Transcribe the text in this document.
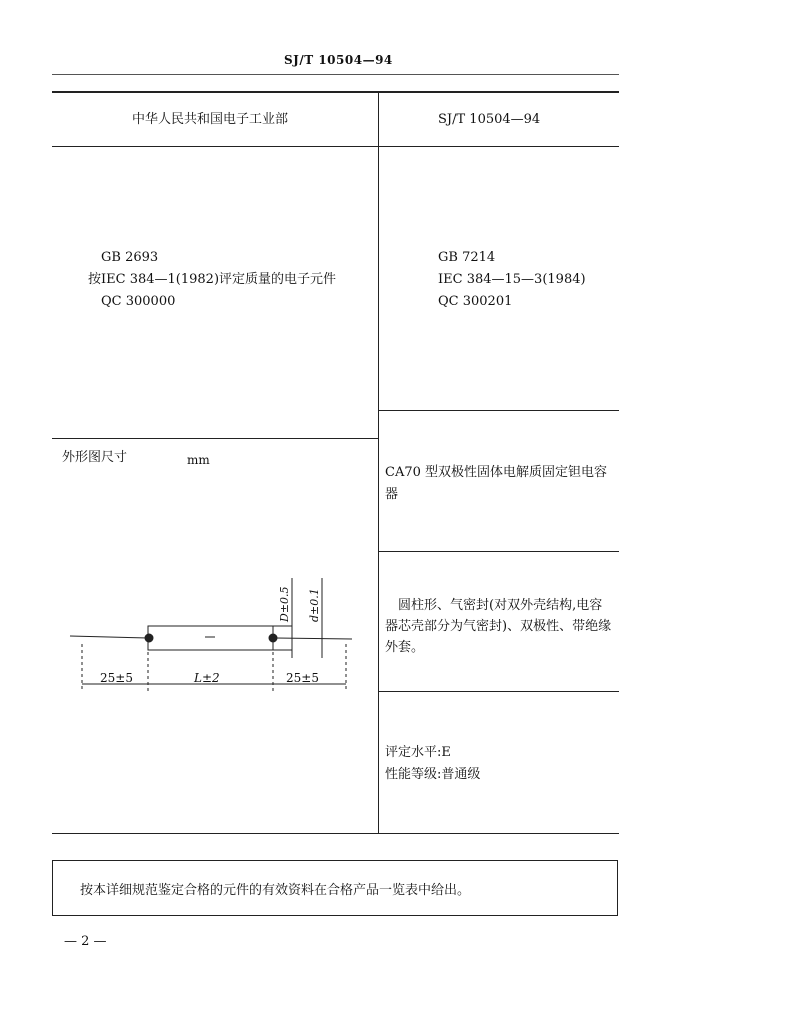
SJ/T 10504—94
中华人民共和国电子工业部	SJ/T 10504—94
GB 2693
按IEC 384—1(1982)评定质量的电子元件
QC 300000
GB 7214
IEC 384—15—3(1984)
QC 300201
外形图尺寸	mm
CA70 型双极性固体电解质固定钽电容器
圆柱形、气密封(对双外壳结构,电容器芯壳部分为气密封)、双极性、带绝缘外套。
评定水平:E
性能等级:普通级
25±5	L±2	25±5
D±0.5 d±0.1
按本详细规范鉴定合格的元件的有效资料在合格产品一览表中给出。
— 2 —
